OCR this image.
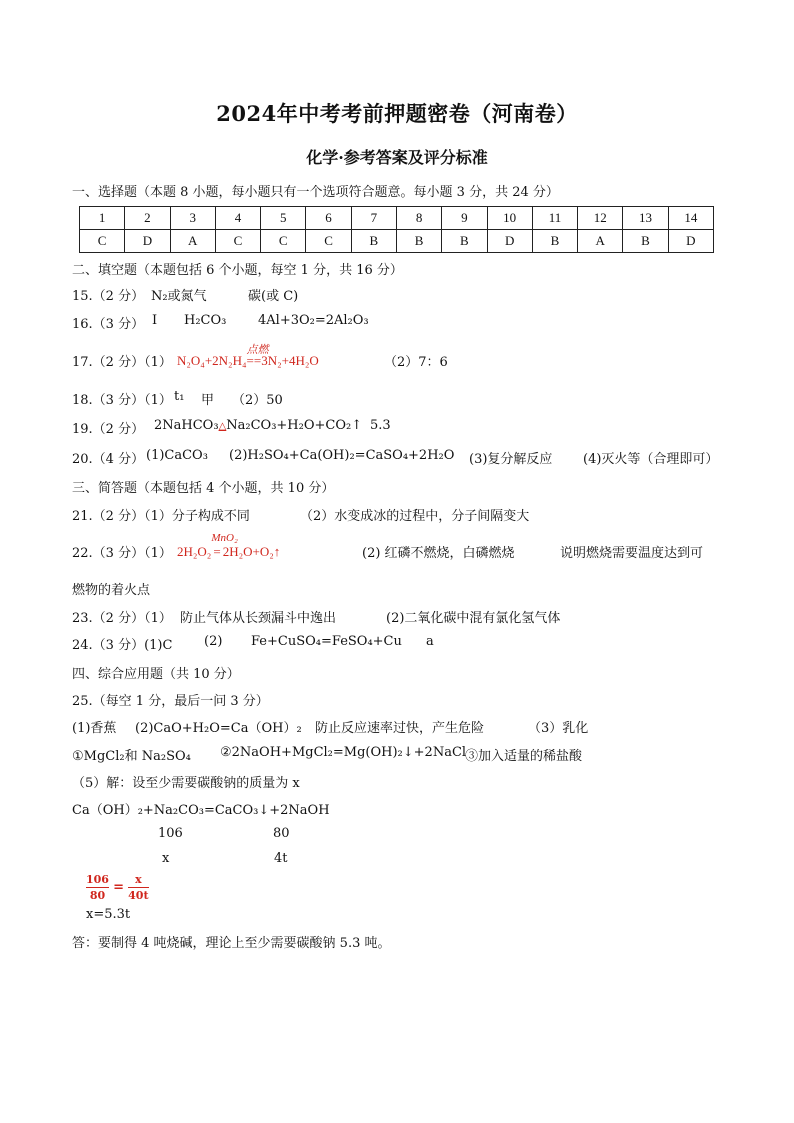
2024年中考考前押题密卷（河南卷）
化学·参考答案及评分标准
一、选择题（本题 8 小题，每小题只有一个选项符合题意。每小题 3 分，共 24 分）
1	2	3	4	5	6	7	8	9	10	11	12	13	14
C	D	A	C	C	C	B	B	B	D	B	A	B	D
二、填空题（本题包括 6 个小题，每空 1 分，共 16 分）
15.（2 分） N₂或氮气	碳(或 C)
16.（3 分） I H₂CO₃ 4Al+3O₂=2Al₂O₃
17.（2 分）（1） N₂O₄+2N₂H₄
点燃
==3N₂+4H₂O	（2）7：6
18.（3 分）（1） t₁ 甲 （2）50
19.（2 分） 2NaHCO₃△Na₂CO₃+H₂O+CO₂↑ 5.3
20.（4 分） (1)CaCO₃ (2)H₂SO₄+Ca(OH)₂=CaSO₄+2H₂O (3)复分解反应 (4)灭火等（合理即可）
三、简答题（本题包括 4 个小题，共 10 分）
21.（2 分）（1）分子构成不同	（2）水变成冰的过程中，分子间隔变大
22.（3 分）（1） 2H₂O₂
MnO₂
= 2H₂O+O₂↑	(2) 红磷不燃烧，白磷燃烧	说明燃烧需要温度达到可
燃物的着火点
23.（2 分）（1） 防止气体从长颈漏斗中逸出	(2)二氧化碳中混有氯化氢气体
24.（3 分）(1)C (2) Fe+CuSO₄=FeSO₄+Cu a
四、综合应用题（共 10 分）
25.（每空 1 分，最后一问 3 分）
(1)香蕉 (2)CaO+H₂O=Ca（OH）₂ 防止反应速率过快，产生危险	（3）乳化
①MgCl₂和 Na₂SO₄ ②2NaOH+MgCl₂=Mg(OH)₂↓+2NaCl
③加入适量的稀盐酸
（5）解：设至少需要碳酸钠的质量为 x
Ca（OH）₂+Na₂CO₃=CaCO₃↓+2NaOH
106	80
x	4t
$\frac{106}{80} = \frac{x}{40t}$
x=5.3t
答：要制得 4 吨烧碱，理论上至少需要碳酸钠 5.3 吨。
